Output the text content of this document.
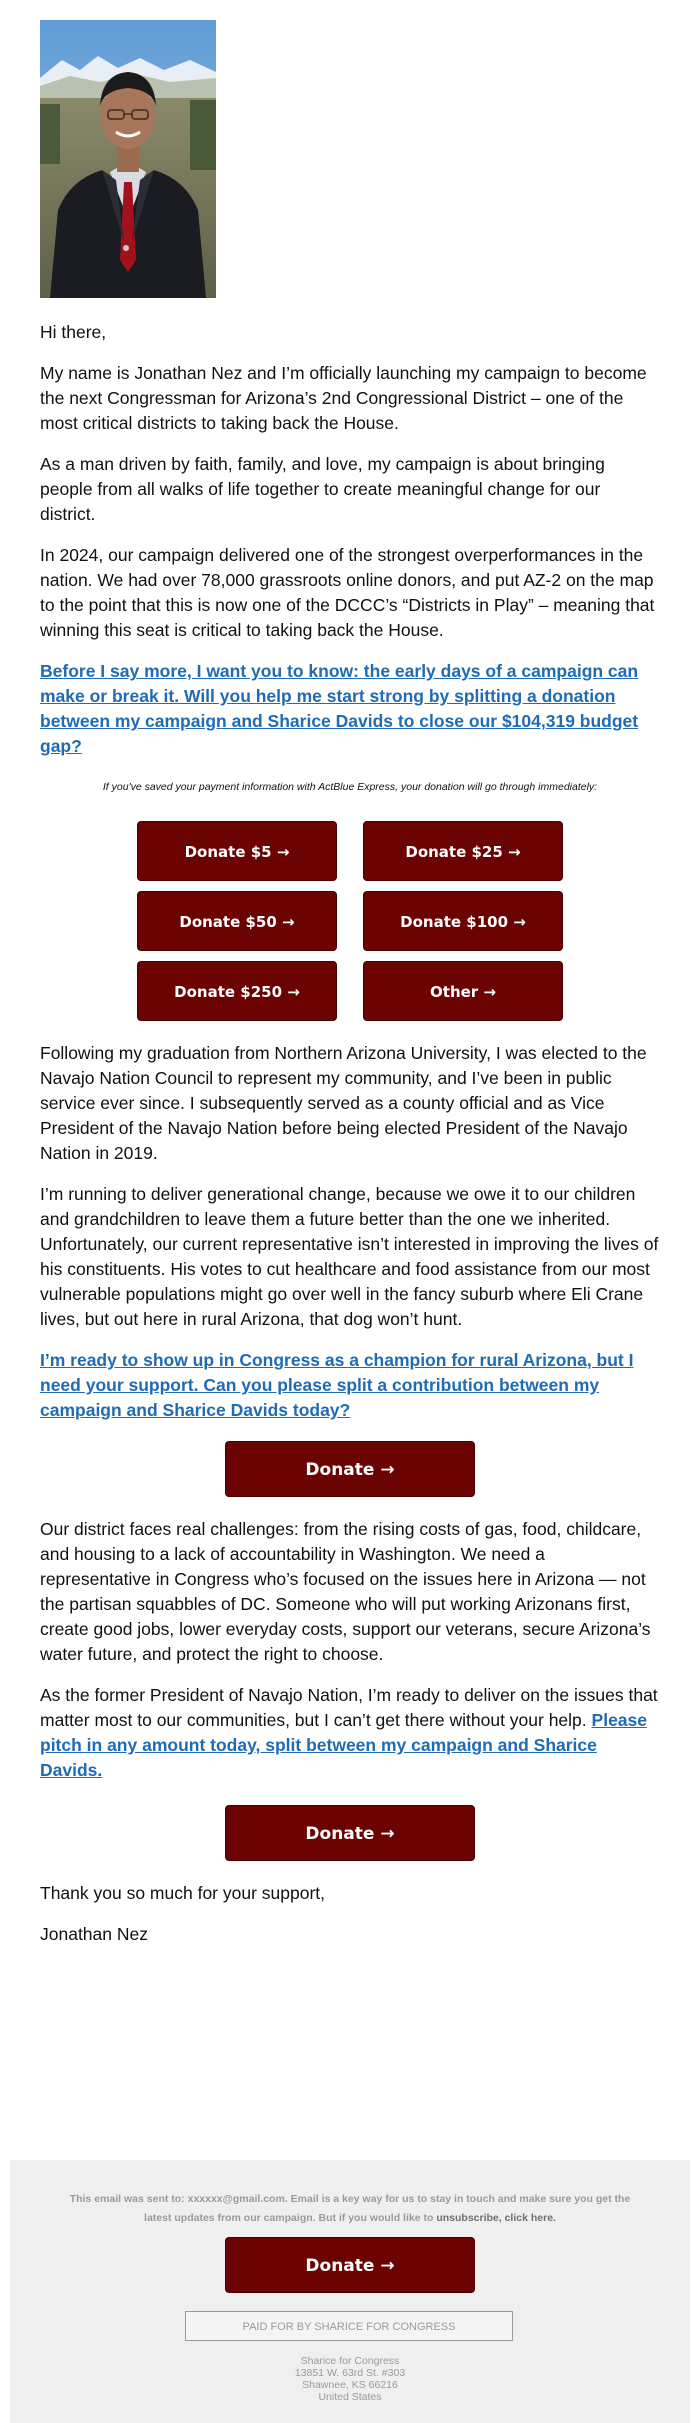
Hi there,

My name is Jonathan Nez and I’m officially launching my campaign to become the next Congressman for Arizona’s 2nd Congressional District – one of the most critical districts to taking back the House.

As a man driven by faith, family, and love, my campaign is about bringing people from all walks of life together to create meaningful change for our district.

In 2024, our campaign delivered one of the strongest overperformances in the nation. We had over 78,000 grassroots online donors, and put AZ-2 on the map to the point that this is now one of the DCCC’s “Districts in Play” – meaning that winning this seat is critical to taking back the House.

Before I say more, I want you to know: the early days of a campaign can make or break it. Will you help me start strong by splitting a donation between my campaign and Sharice Davids to close our $104,319 budget gap?

If you've saved your payment information with ActBlue Express, your donation will go through immediately:

Donate $5 →	Donate $25 →
Donate $50 →	Donate $100 →
Donate $250 →	Other →

Following my graduation from Northern Arizona University, I was elected to the Navajo Nation Council to represent my community, and I’ve been in public service ever since. I subsequently served as a county official and as Vice President of the Navajo Nation before being elected President of the Navajo Nation in 2019.

I’m running to deliver generational change, because we owe it to our children and grandchildren to leave them a future better than the one we inherited. Unfortunately, our current representative isn’t interested in improving the lives of his constituents. His votes to cut healthcare and food assistance from our most vulnerable populations might go over well in the fancy suburb where Eli Crane lives, but out here in rural Arizona, that dog won’t hunt.

I’m ready to show up in Congress as a champion for rural Arizona, but I need your support. Can you please split a contribution between my campaign and Sharice Davids today?

Donate →

Our district faces real challenges: from the rising costs of gas, food, childcare, and housing to a lack of accountability in Washington. We need a representative in Congress who’s focused on the issues here in Arizona — not the partisan squabbles of DC. Someone who will put working Arizonans first, create good jobs, lower everyday costs, support our veterans, secure Arizona’s water future, and protect the right to choose.

As the former President of Navajo Nation, I’m ready to deliver on the issues that matter most to our communities, but I can’t get there without your help. Please pitch in any amount today, split between my campaign and Sharice Davids.

Donate →

Thank you so much for your support,

Jonathan Nez

This email was sent to: xxxxxx@gmail.com. Email is a key way for us to stay in touch and make sure you get the latest updates from our campaign. But if you would like to unsubscribe, click here.
Donate →
PAID FOR BY SHARICE FOR CONGRESS
Sharice for Congress
13851 W. 63rd St. #303
Shawnee, KS 66216
United States
